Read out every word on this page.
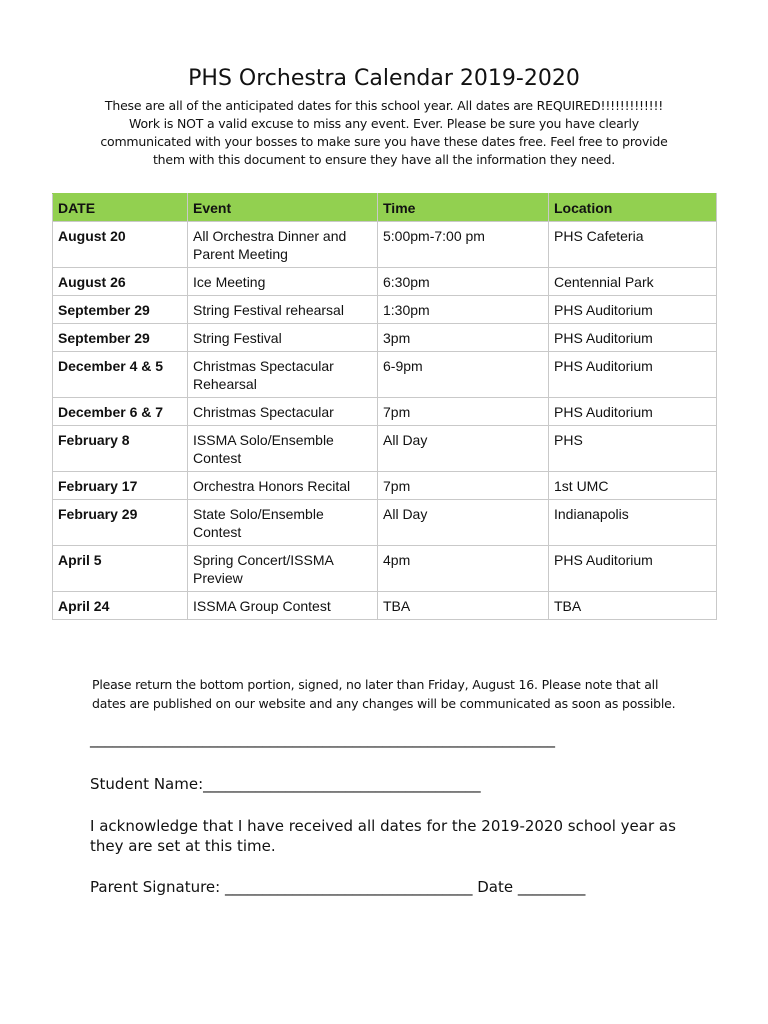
PHS Orchestra Calendar 2019-2020
These are all of the anticipated dates for this school year. All dates are REQUIRED!!!!!!!!!!!!!
Work is NOT a valid excuse to miss any event. Ever. Please be sure you have clearly
communicated with your bosses to make sure you have these dates free. Feel free to provide
them with this document to ensure they have all the information they need.
DATE	Event	Time	Location
August 20	All Orchestra Dinner and Parent Meeting	5:00pm-7:00 pm	PHS Cafeteria
August 26	Ice Meeting	6:30pm	Centennial Park
September 29	String Festival rehearsal	1:30pm	PHS Auditorium
September 29	String Festival	3pm	PHS Auditorium
December 4 & 5	Christmas Spectacular Rehearsal	6-9pm	PHS Auditorium
December 6 & 7	Christmas Spectacular	7pm	PHS Auditorium
February 8	ISSMA Solo/Ensemble Contest	All Day	PHS
February 17	Orchestra Honors Recital	7pm	1st UMC
February 29	State Solo/Ensemble Contest	All Day	Indianapolis
April 5	Spring Concert/ISSMA Preview	4pm	PHS Auditorium
April 24	ISSMA Group Contest	TBA	TBA
Please return the bottom portion, signed, no later than Friday, August 16. Please note that all
dates are published on our website and any changes will be communicated as soon as possible.
______________________________________________________________
Student Name:_____________________________________
I acknowledge that I have received all dates for the 2019-2020 school year as
they are set at this time.
Parent Signature: _________________________________ Date _________
